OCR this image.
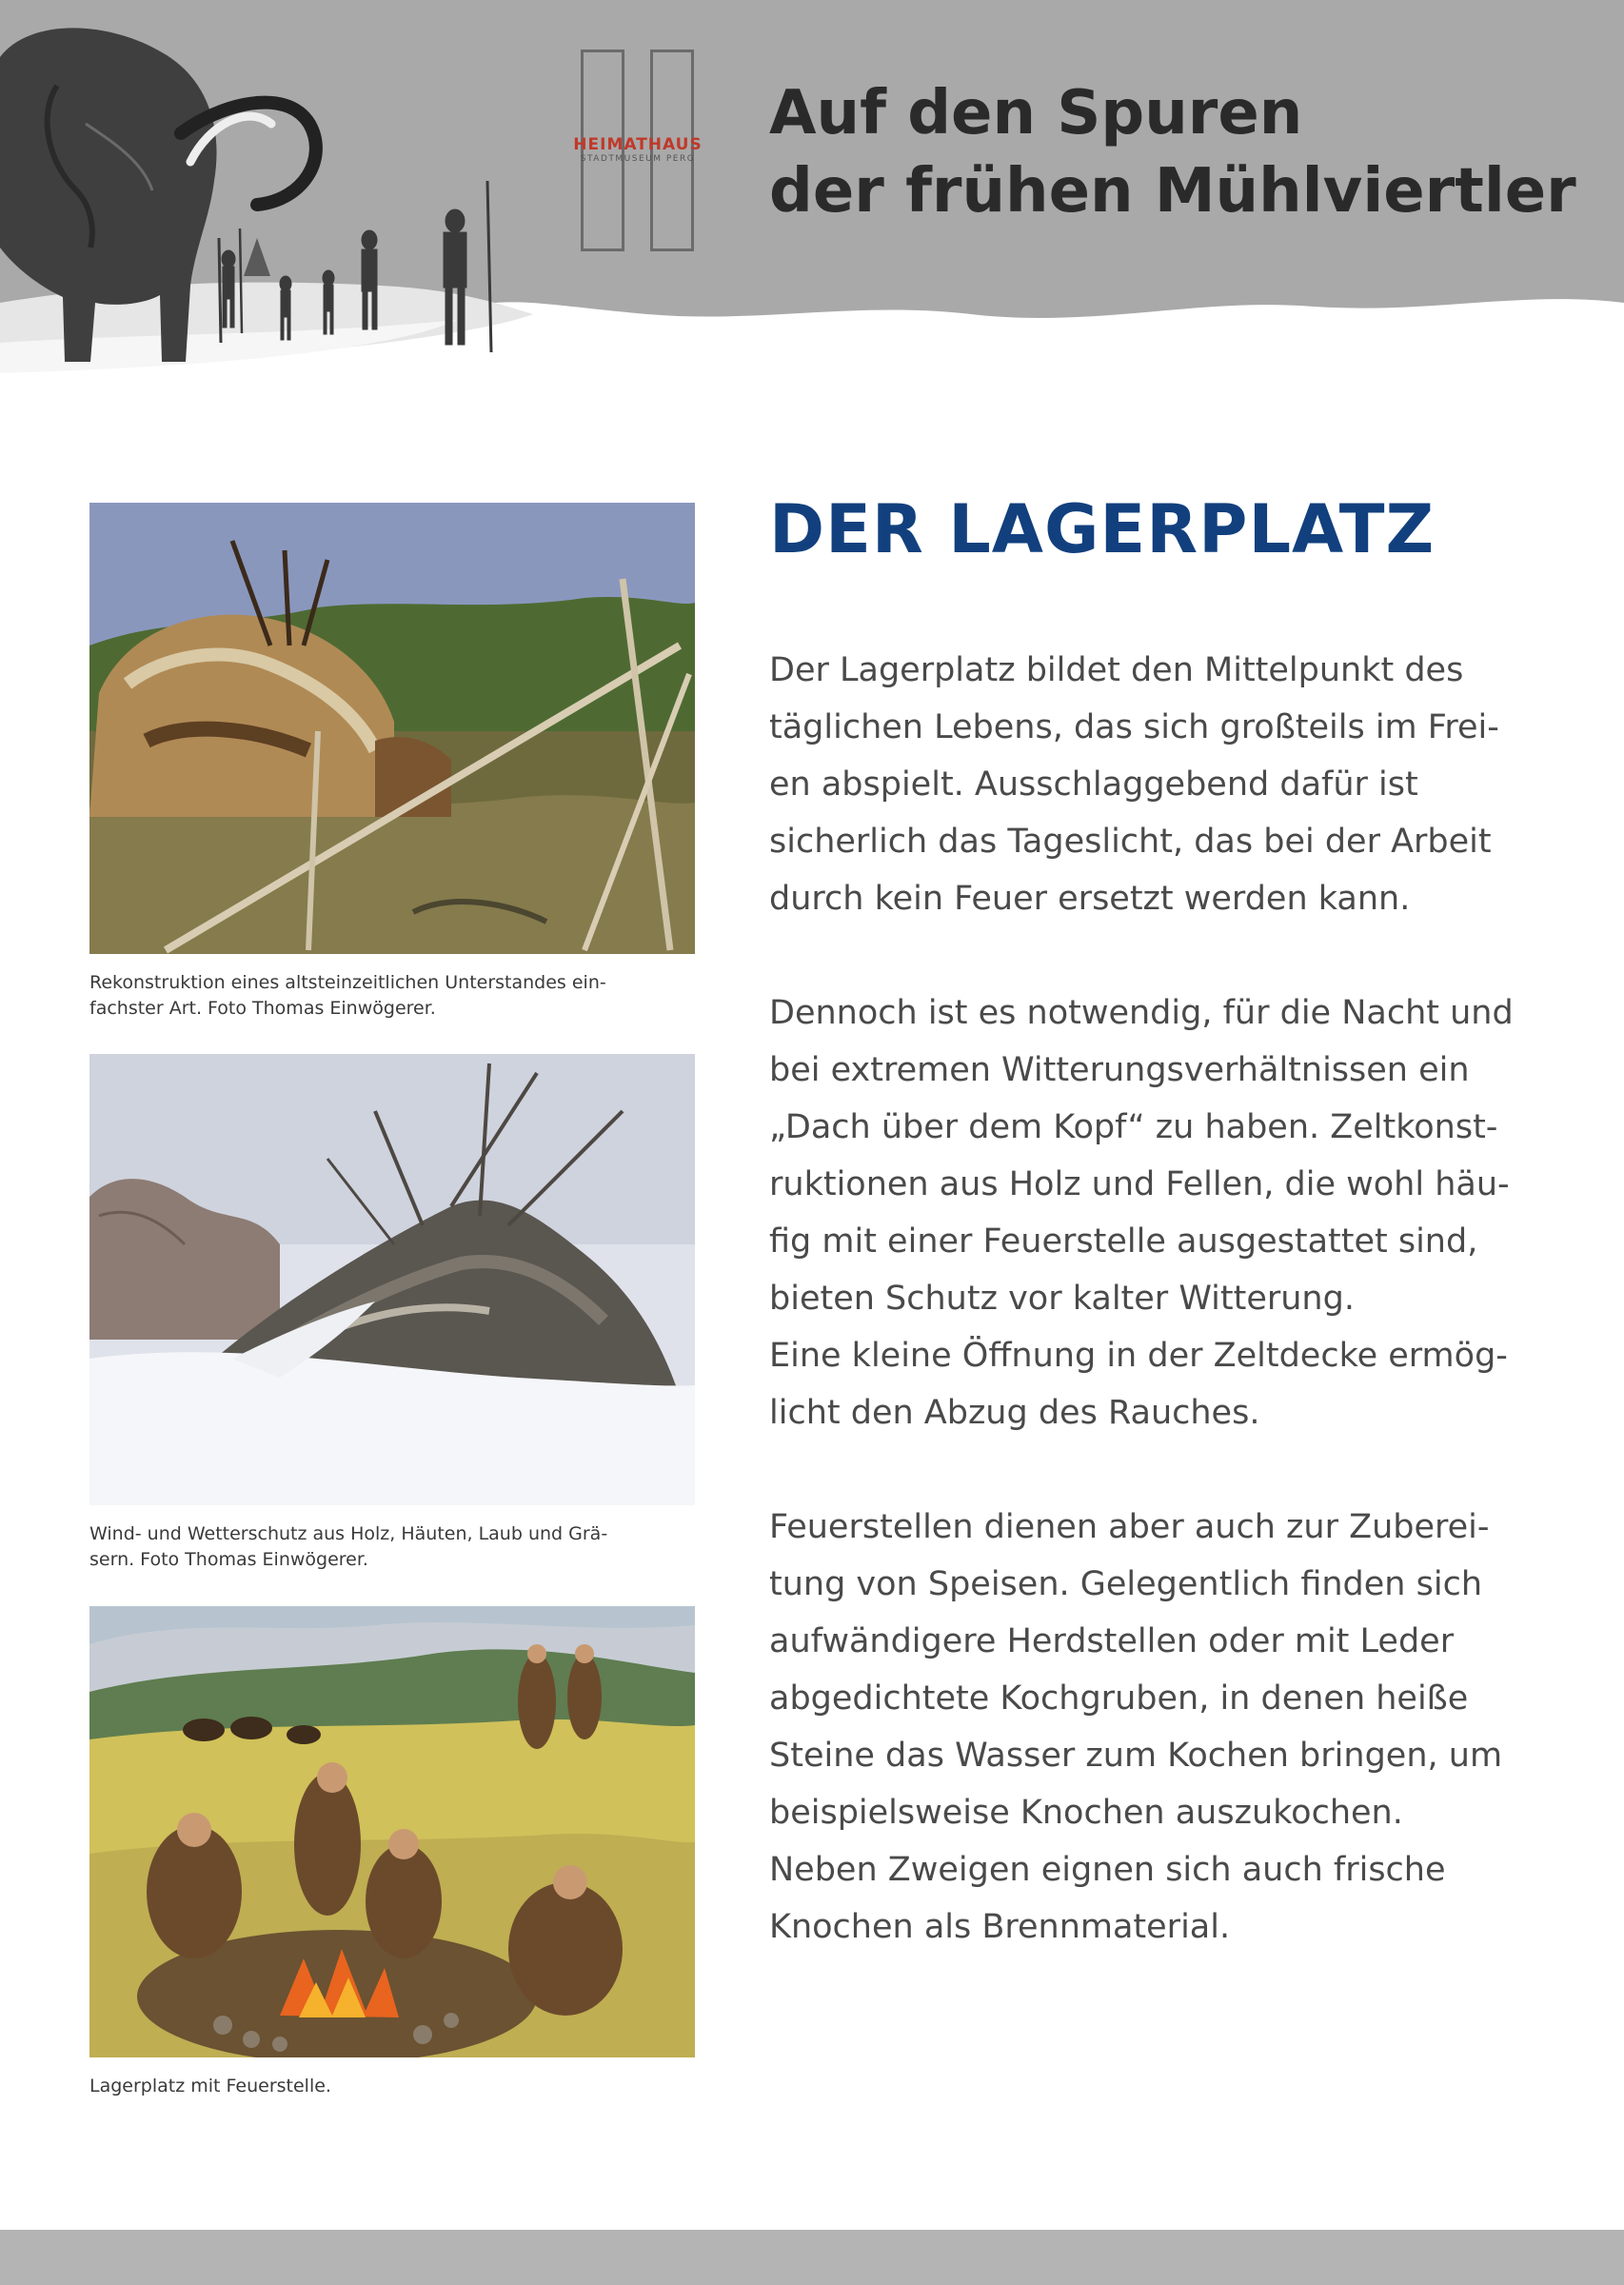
HEIMATHAUS
STADTMUSEUM PERG
Auf den Spuren
der frühen Mühlviertler
Rekonstruktion eines altsteinzeitlichen Unterstandes ein-
fachster Art. Foto Thomas Einwögerer.
Wind- und Wetterschutz aus Holz, Häuten, Laub und Grä-
sern. Foto Thomas Einwögerer.
Lagerplatz mit Feuerstelle.
DER LAGERPLATZ
Der Lagerplatz bildet den Mittelpunkt des
täglichen Lebens, das sich großteils im Frei-
en abspielt. Ausschlaggebend dafür ist
sicherlich das Tageslicht, das bei der Arbeit
durch kein Feuer ersetzt werden kann.
Dennoch ist es notwendig, für die Nacht und
bei extremen Witterungsverhältnissen ein
„Dach über dem Kopf“ zu haben. Zeltkonst-
ruktionen aus Holz und Fellen, die wohl häu-
fig mit einer Feuerstelle ausgestattet sind,
bieten Schutz vor kalter Witterung.
Eine kleine Öffnung in der Zeltdecke ermög-
licht den Abzug des Rauches.
Feuerstellen dienen aber auch zur Zuberei-
tung von Speisen. Gelegentlich finden sich
aufwändigere Herdstellen oder mit Leder
abgedichtete Kochgruben, in denen heiße
Steine das Wasser zum Kochen bringen, um
beispielsweise Knochen auszukochen.
Neben Zweigen eignen sich auch frische
Knochen als Brennmaterial.
